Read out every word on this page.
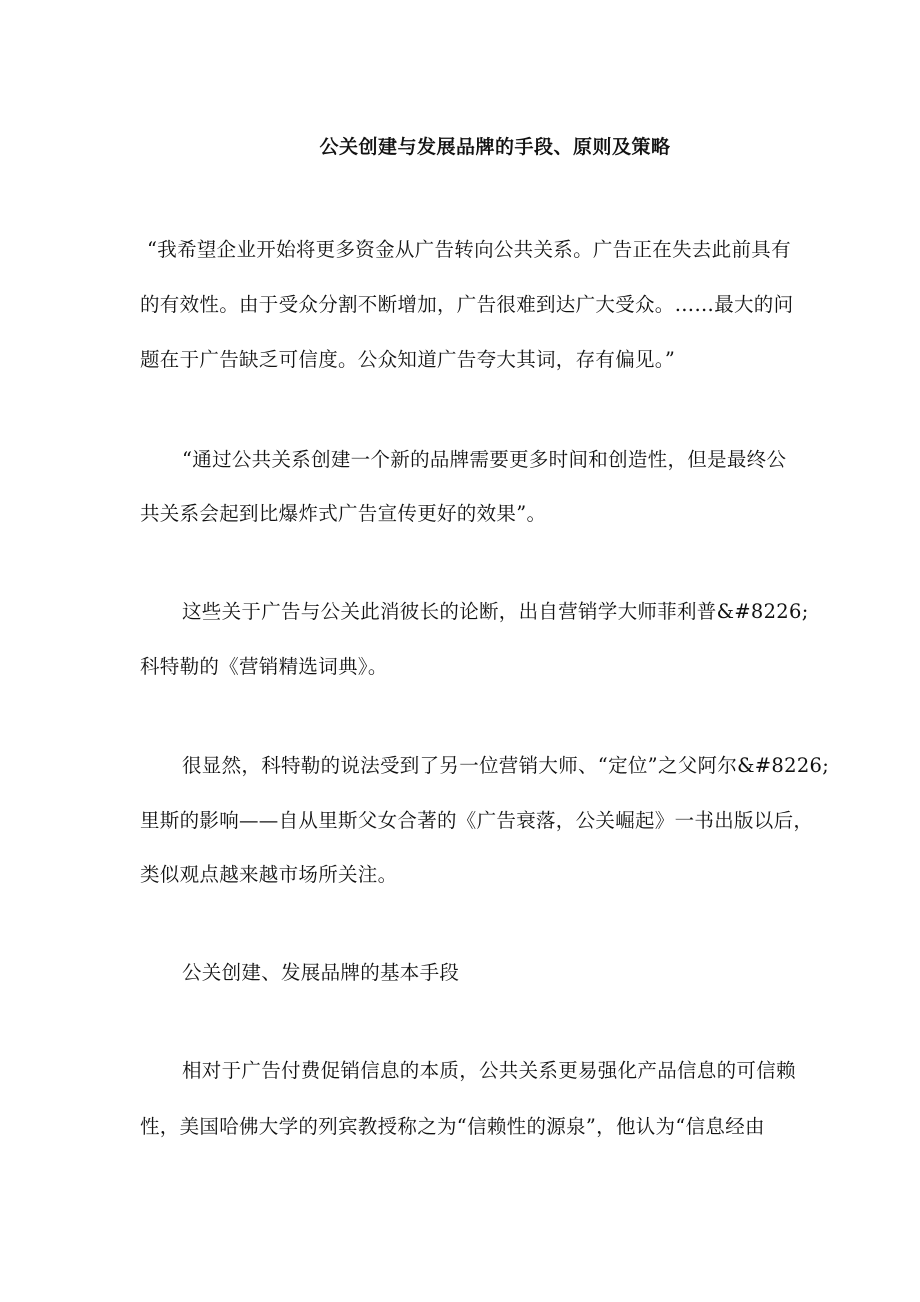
公关创建与发展品牌的手段、原则及策略
“我希望企业开始将更多资金从广告转向公共关系。广告正在失去此前具有
的有效性。由于受众分割不断增加，广告很难到达广大受众。……最大的问
题在于广告缺乏可信度。公众知道广告夸大其词，存有偏见。”
“通过公共关系创建一个新的品牌需要更多时间和创造性，但是最终公
共关系会起到比爆炸式广告宣传更好的效果”。
这些关于广告与公关此消彼长的论断，出自营销学大师菲利普&#8226;
科特勒的《营销精选词典》。
很显然，科特勒的说法受到了另一位营销大师、“定位”之父阿尔&#8226;
里斯的影响——自从里斯父女合著的《广告衰落，公关崛起》一书出版以后，
类似观点越来越市场所关注。
公关创建、发展品牌的基本手段
相对于广告付费促销信息的本质，公共关系更易强化产品信息的可信赖
性，美国哈佛大学的列宾教授称之为“信赖性的源泉”，他认为“信息经由
